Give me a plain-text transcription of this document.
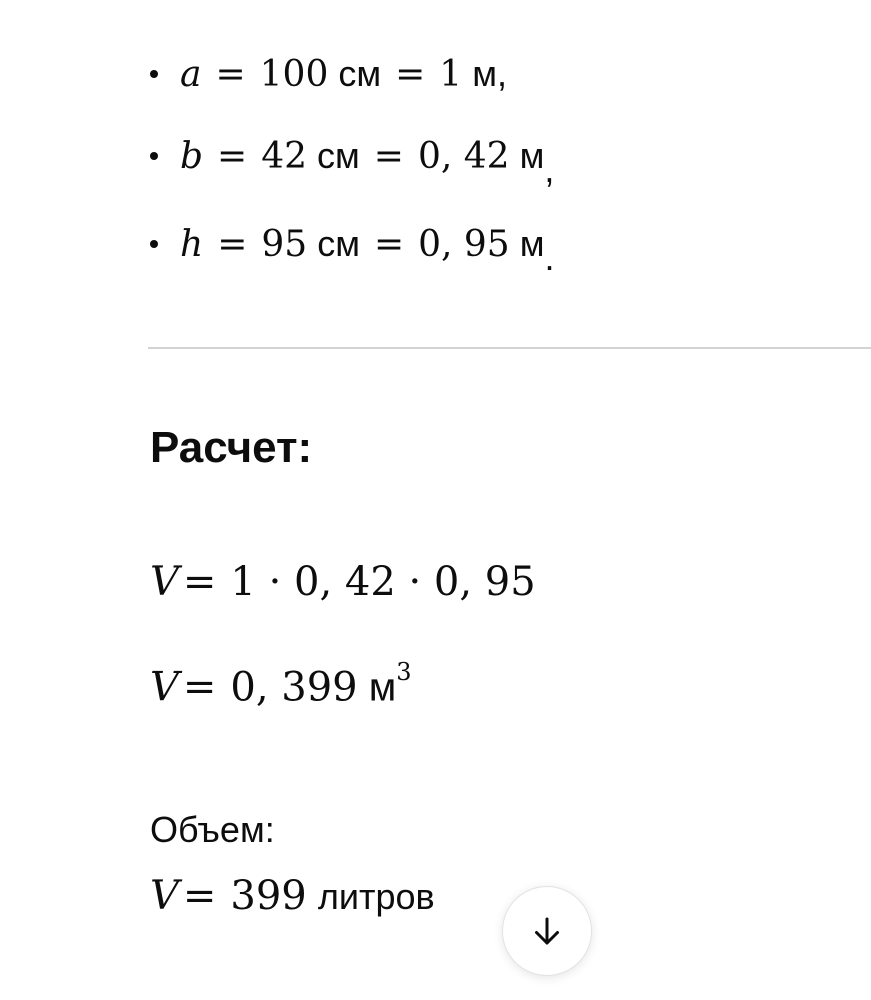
a = 100 см = 1 м,
b = 42 см = 0, 42 м,
h = 95 см = 0, 95 м.
Расчет:
V = 1 · 0, 42 · 0, 95
V = 0, 399 $м^3$
Объем:
V = 399 литров
